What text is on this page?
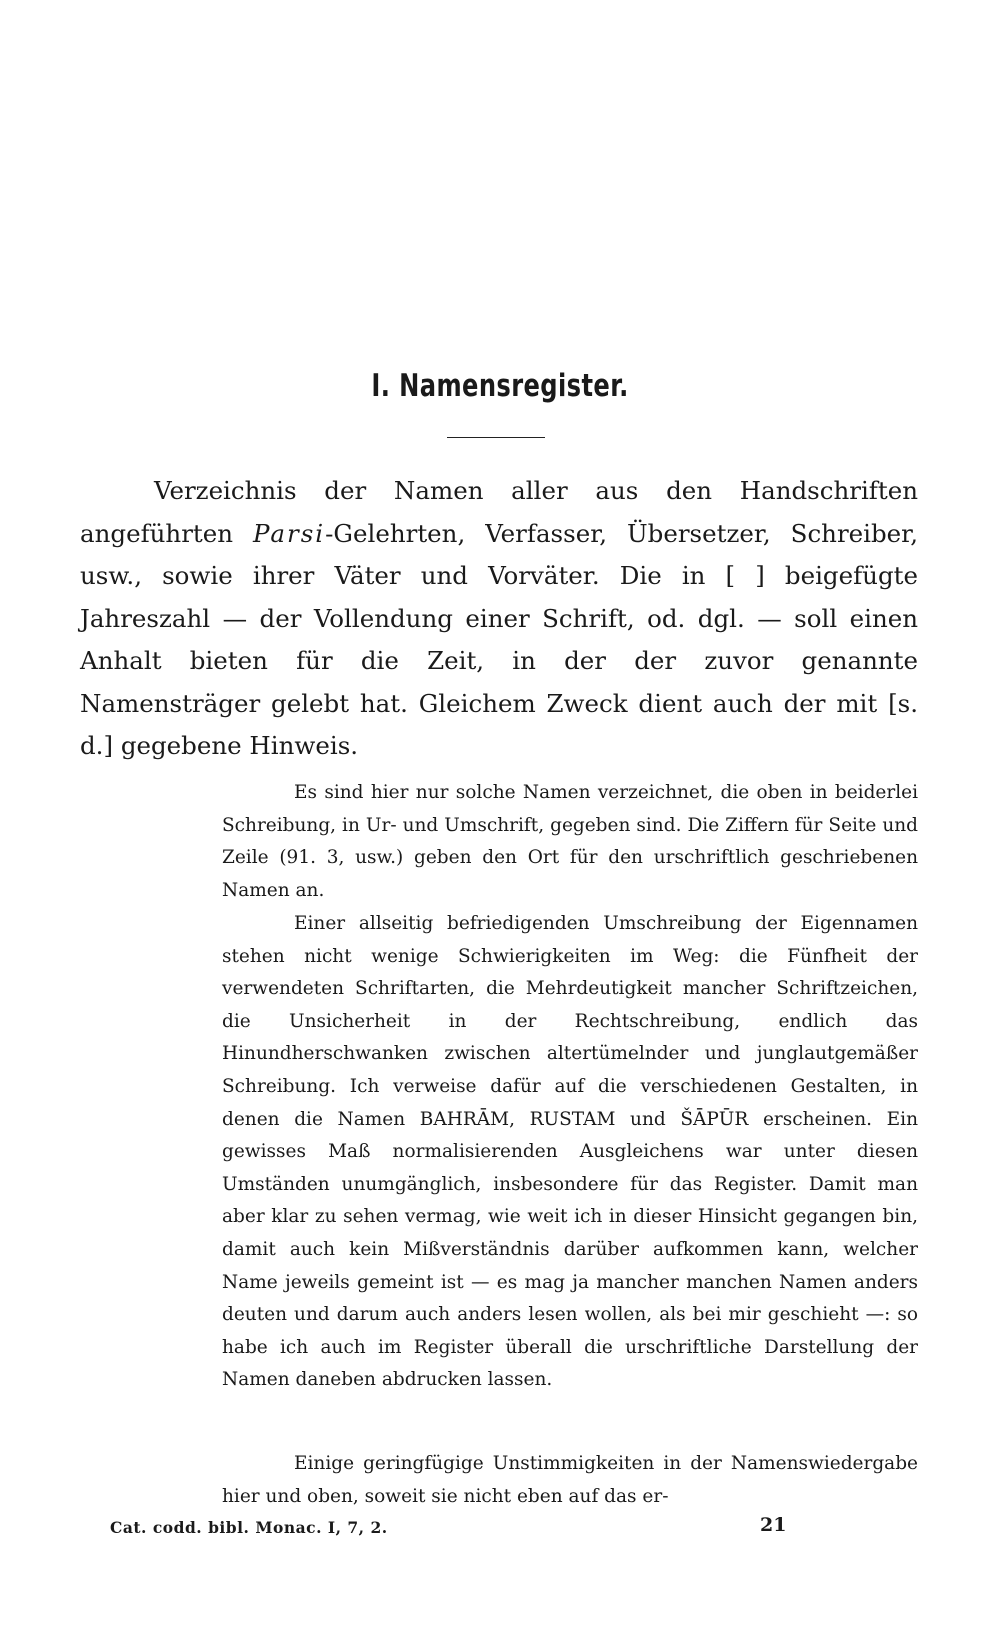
I. Namensregister.

Verzeichnis der Namen aller aus den Handschriften angeführten Parsi-Gelehrten, Verfasser, Übersetzer, Schreiber, usw., sowie ihrer Väter und Vorväter. Die in [ ] beigefügte Jahreszahl — der Vollendung einer Schrift, od. dgl. — soll einen Anhalt bieten für die Zeit, in der der zuvor genannte Namensträger gelebt hat. Gleichem Zweck dient auch der mit [s. d.] gegebene Hinweis.

Es sind hier nur solche Namen verzeichnet, die oben in beiderlei Schreibung, in Ur- und Umschrift, gegeben sind. Die Ziffern für Seite und Zeile (91. 3, usw.) geben den Ort für den urschriftlich geschriebenen Namen an.

Einer allseitig befriedigenden Umschreibung der Eigennamen stehen nicht wenige Schwierigkeiten im Weg: die Fünfheit der verwendeten Schriftarten, die Mehrdeutigkeit mancher Schriftzeichen, die Unsicherheit in der Rechtschreibung, endlich das Hinundherschwanken zwischen altertümelnder und junglautgemäßer Schreibung. Ich verweise dafür auf die verschiedenen Gestalten, in denen die Namen BAHRĀM, RUSTAM und ŠĀPŪR erscheinen. Ein gewisses Maß normalisierenden Ausgleichens war unter diesen Umständen unumgänglich, insbesondere für das Register. Damit man aber klar zu sehen vermag, wie weit ich in dieser Hinsicht gegangen bin, damit auch kein Mißverständnis darüber aufkommen kann, welcher Name jeweils gemeint ist — es mag ja mancher manchen Namen anders deuten und darum auch anders lesen wollen, als bei mir geschieht —: so habe ich auch im Register überall die urschriftliche Darstellung der Namen daneben abdrucken lassen.

Einige geringfügige Unstimmigkeiten in der Namenswiedergabe hier und oben, soweit sie nicht eben auf das er-

Cat. codd. bibl. Monac. I, 7, 2.	21
